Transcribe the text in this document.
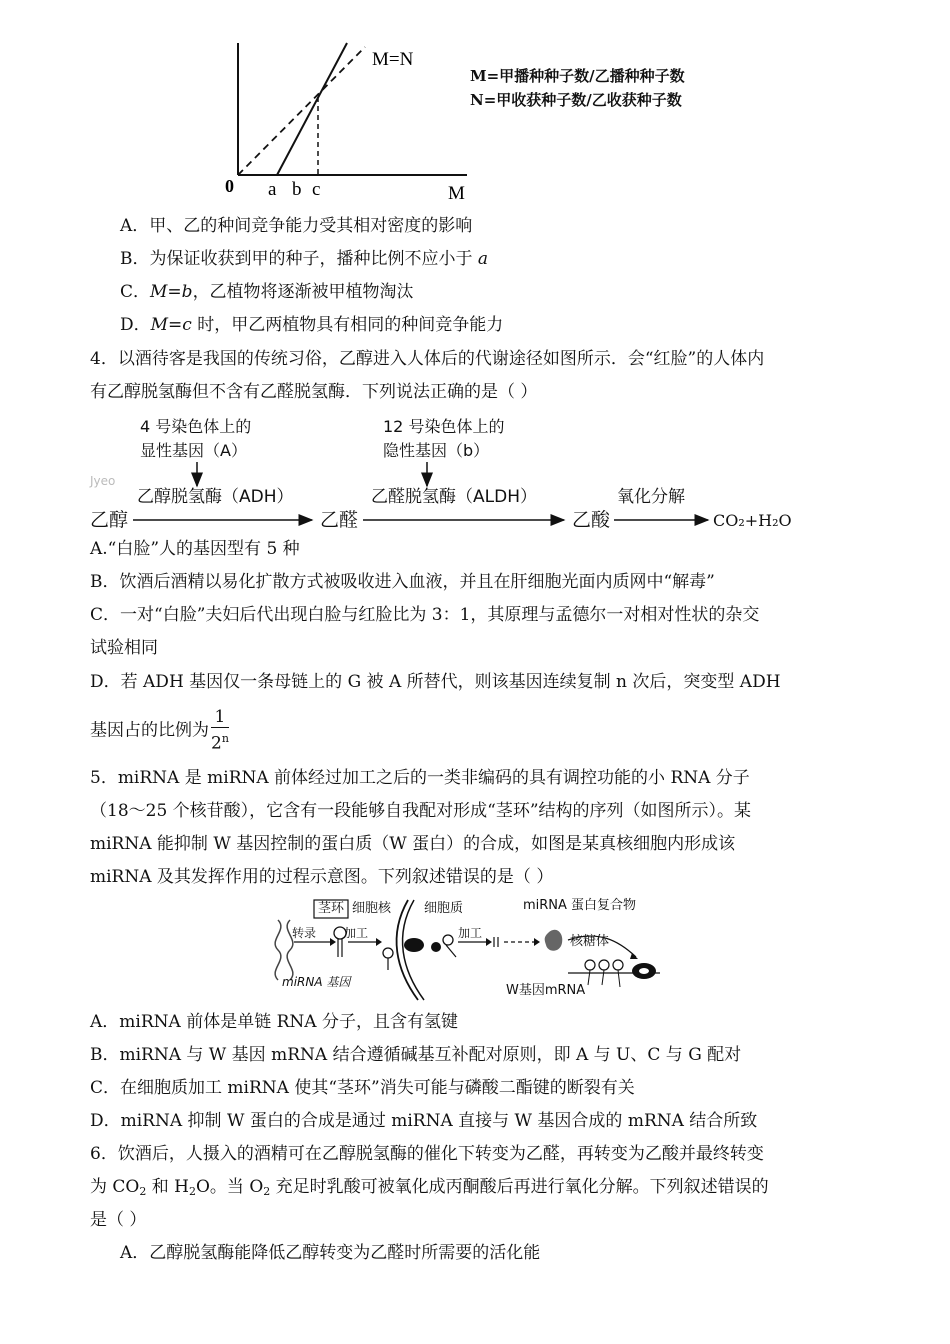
M=N
0 a b c	M
M=甲播种种子数/乙播种种子数
N=甲收获种子数/乙收获种子数
A．甲、乙的种间竞争能力受其相对密度的影响
B．为保证收获到甲的种子，播种比例不应小于 a
C．M=b，乙植物将逐渐被甲植物淘汰
D．M=c 时，甲乙两植物具有相同的种间竞争能力
4．以酒待客是我国的传统习俗，乙醇进入人体后的代谢途径如图所示．会“红脸”的人体内
有乙醇脱氢酶但不含有乙醛脱氢酶．下列说法正确的是（ ）
4 号染色体上的
显性基因（A）
12 号染色体上的
隐性基因（b）
Jyeo
乙醇脱氢酶（ADH）	乙醛脱氢酶（ALDH）	氧化分解
乙醇	乙醛	乙酸	CO₂+H₂O
A.“白脸”人的基因型有 5 种
B．饮酒后酒精以易化扩散方式被吸收进入血液，并且在肝细胞光面内质网中“解毒”
C．一对“白脸”夫妇后代出现白脸与红脸比为 3：1，其原理与孟德尔一对相对性状的杂交
试验相同
D．若 ADH 基因仅一条母链上的 G 被 A 所替代，则该基因连续复制 n 次后，突变型 ADH
基因占的比例为 $\frac{1}{2^n}$
5．miRNA 是 miRNA 前体经过加工之后的一类非编码的具有调控功能的小 RNA 分子
（18～25 个核苷酸），它含有一段能够自我配对形成“茎环”结构的序列（如图所示）。某
miRNA 能抑制 W 基因控制的蛋白质（W 蛋白）的合成，如图是某真核细胞内形成该
miRNA 及其发挥作用的过程示意图。下列叙述错误的是（ ）
茎环 细胞核	细胞质	miRNA 蛋白复合物
转录 加工	加工
核糖体
miRNA 基因
W基因mRNA
A．miRNA 前体是单链 RNA 分子，且含有氢键
B．miRNA 与 W 基因 mRNA 结合遵循碱基互补配对原则，即 A 与 U、C 与 G 配对
C．在细胞质加工 miRNA 使其“茎环”消失可能与磷酸二酯键的断裂有关
D．miRNA 抑制 W 蛋白的合成是通过 miRNA 直接与 W 基因合成的 mRNA 结合所致
6．饮酒后，人摄入的酒精可在乙醇脱氢酶的催化下转变为乙醛，再转变为乙酸并最终转变
为 $CO_2$ 和 $H_2O$。当 $O_2$ 充足时乳酸可被氧化成丙酮酸后再进行氧化分解。下列叙述错误的
是（ ）
A．乙醇脱氢酶能降低乙醇转变为乙醛时所需要的活化能
